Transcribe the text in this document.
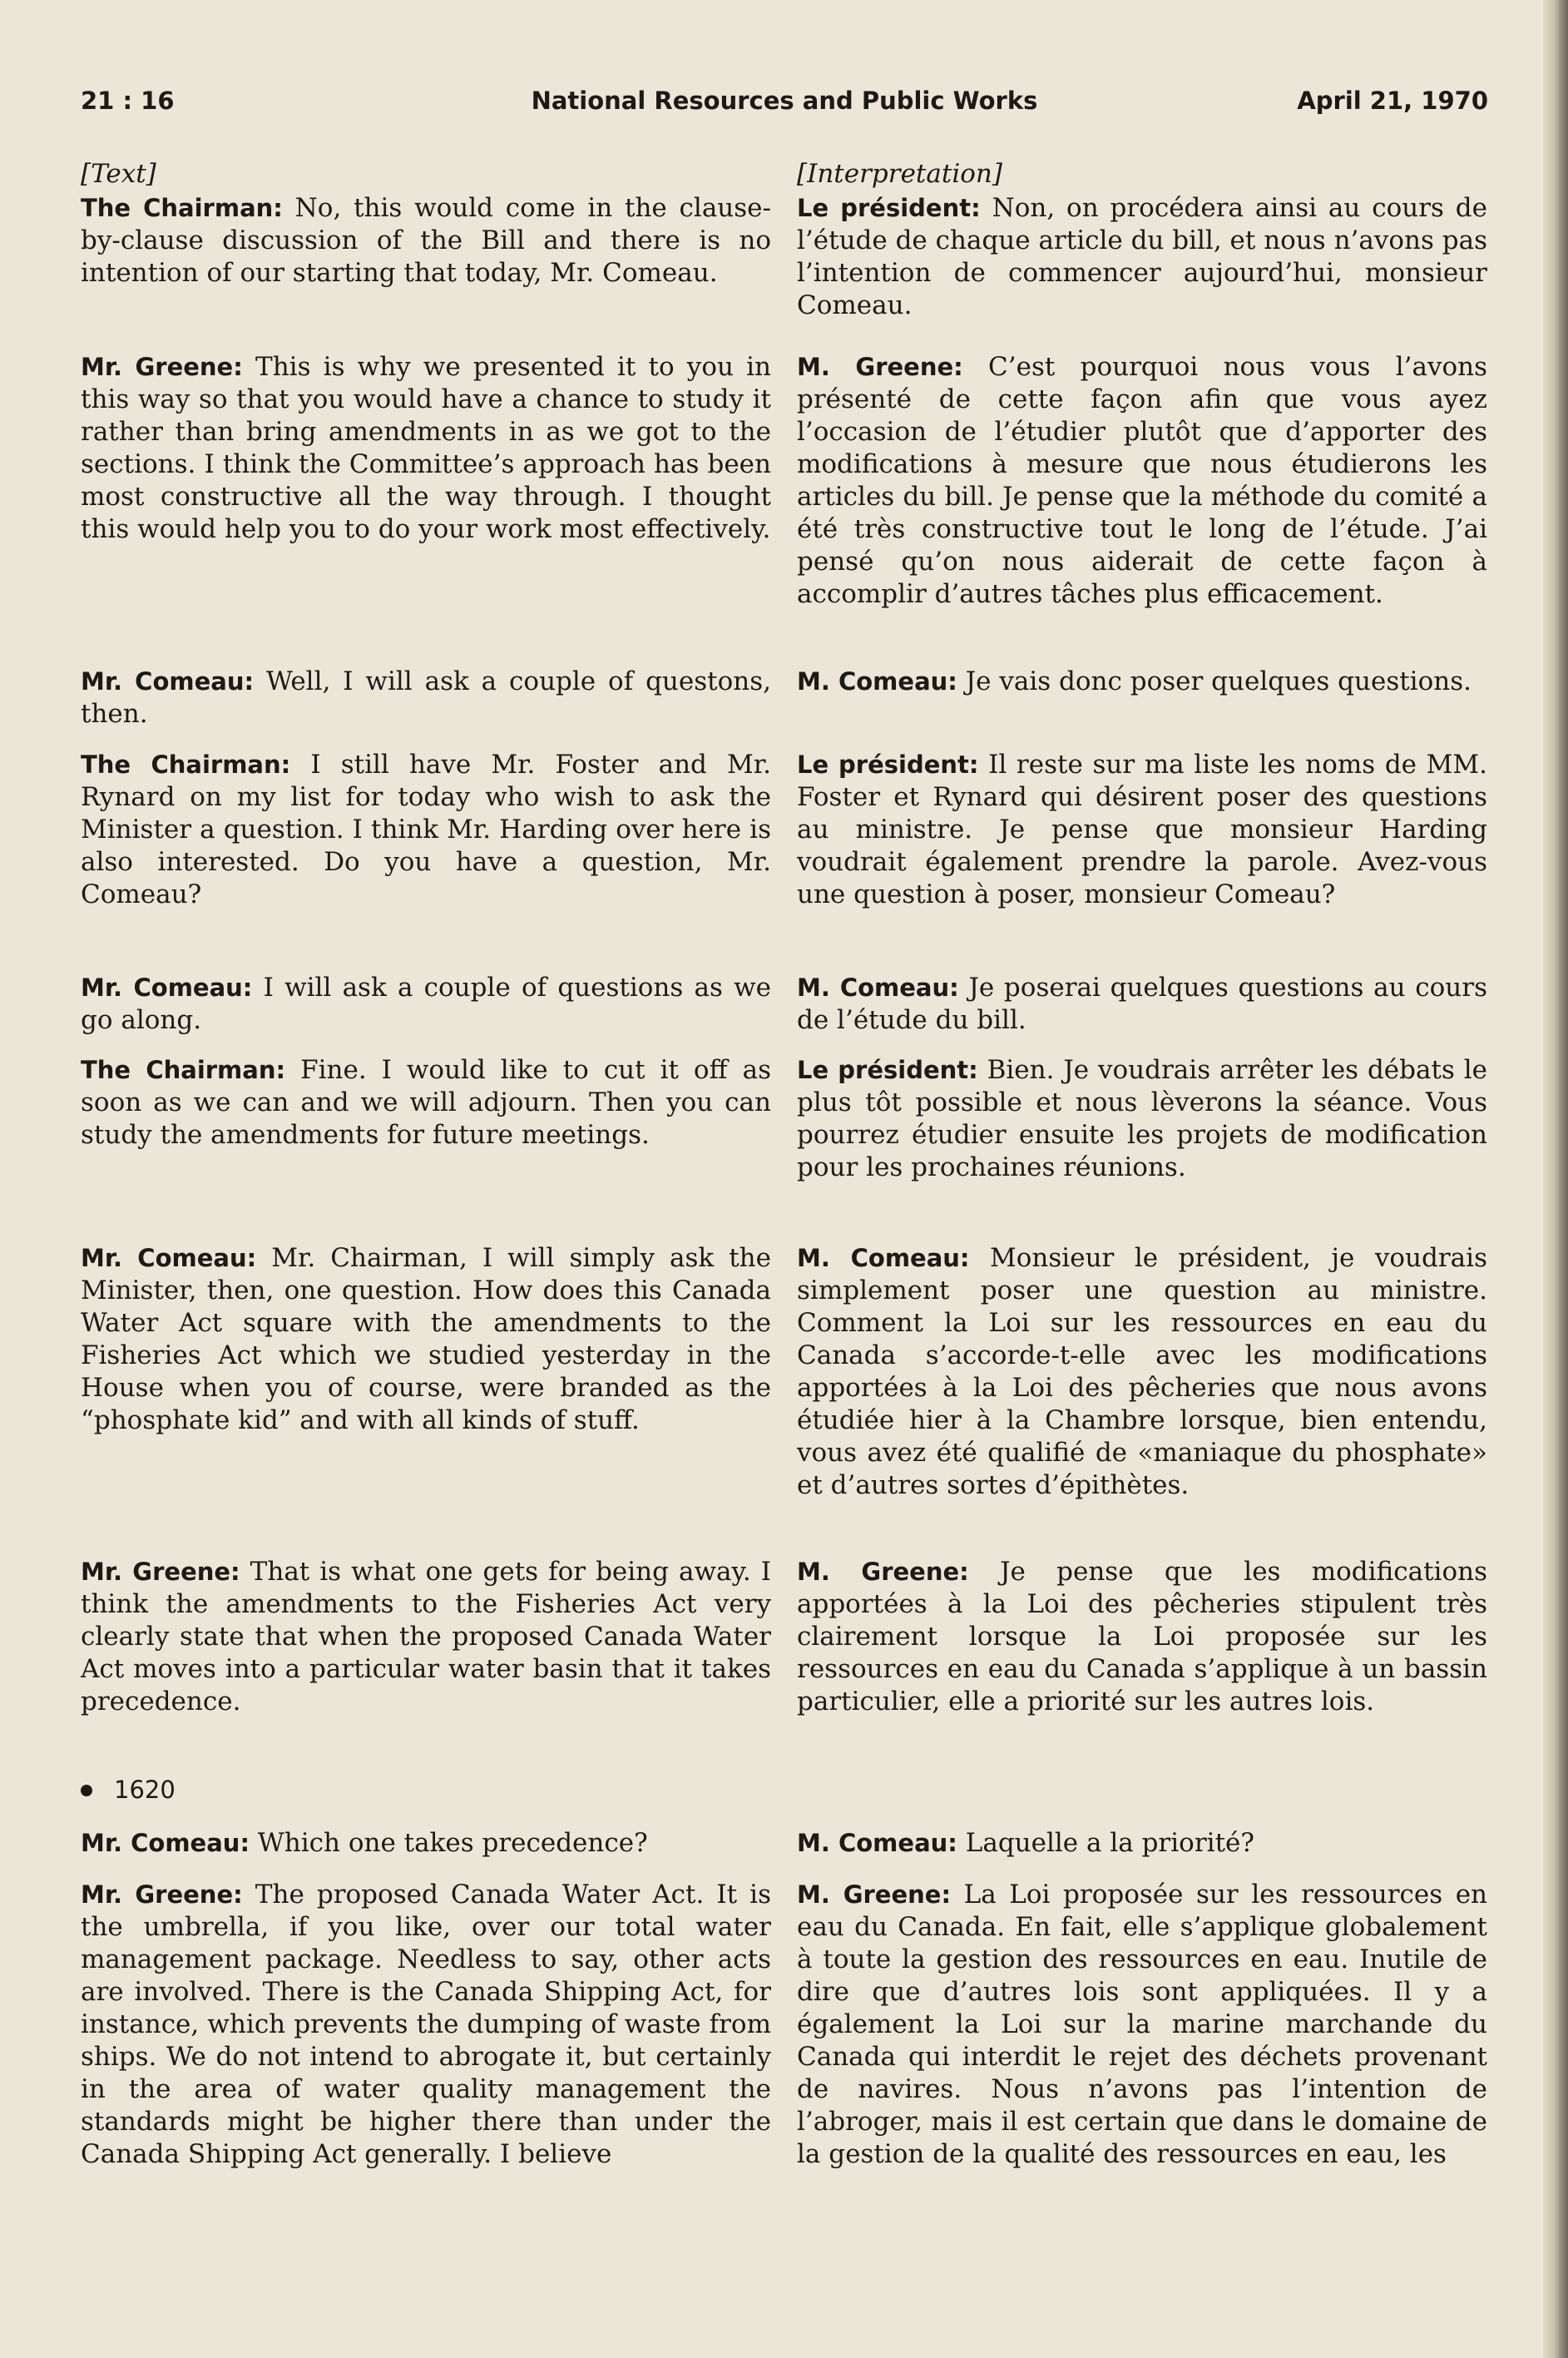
21 : 16	National Resources and Public Works	April 21, 1970

[Text]

The Chairman: No, this would come in the clause-by-clause discussion of the Bill and there is no intention of our starting that today, Mr. Comeau.

Mr. Greene: This is why we presented it to you in this way so that you would have a chance to study it rather than bring amendments in as we got to the sections. I think the Committee’s approach has been most constructive all the way through. I thought this would help you to do your work most effectively.

Mr. Comeau: Well, I will ask a couple of questons, then.

The Chairman: I still have Mr. Foster and Mr. Rynard on my list for today who wish to ask the Minister a question. I think Mr. Harding over here is also interested. Do you have a question, Mr. Comeau?

Mr. Comeau: I will ask a couple of questions as we go along.

The Chairman: Fine. I would like to cut it off as soon as we can and we will adjourn. Then you can study the amendments for future meetings.

Mr. Comeau: Mr. Chairman, I will simply ask the Minister, then, one question. How does this Canada Water Act square with the amendments to the Fisheries Act which we studied yesterday in the House when you of course, were branded as the “phosphate kid” and with all kinds of stuff.

Mr. Greene: That is what one gets for being away. I think the amendments to the Fisheries Act very clearly state that when the proposed Canada Water Act moves into a particular water basin that it takes precedence.

1620

Mr. Comeau: Which one takes precedence?

Mr. Greene: The proposed Canada Water Act. It is the umbrella, if you like, over our total water management package. Needless to say, other acts are involved. There is the Canada Shipping Act, for instance, which prevents the dumping of waste from ships. We do not intend to abrogate it, but certainly in the area of water quality management the standards might be higher there than under the Canada Shipping Act generally. I believe

[Interpretation]

Le président: Non, on procédera ainsi au cours de l’étude de chaque article du bill, et nous n’avons pas l’intention de commencer aujourd’hui, monsieur Comeau.

M. Greene: C’est pourquoi nous vous l’avons présenté de cette façon afin que vous ayez l’occasion de l’étudier plutôt que d’apporter des modifications à mesure que nous étudierons les articles du bill. Je pense que la méthode du comité a été très constructive tout le long de l’étude. J’ai pensé qu’on nous aiderait de cette façon à accomplir d’autres tâches plus efficacement.

M. Comeau: Je vais donc poser quelques questions.

Le président: Il reste sur ma liste les noms de MM. Foster et Rynard qui désirent poser des questions au ministre. Je pense que monsieur Harding voudrait également prendre la parole. Avez-vous une question à poser, monsieur Comeau?

M. Comeau: Je poserai quelques questions au cours de l’étude du bill.

Le président: Bien. Je voudrais arrêter les débats le plus tôt possible et nous lèverons la séance. Vous pourrez étudier ensuite les projets de modification pour les prochaines réunions.

M. Comeau: Monsieur le président, je voudrais simplement poser une question au ministre. Comment la Loi sur les ressources en eau du Canada s’accorde-t-elle avec les modifications apportées à la Loi des pêcheries que nous avons étudiée hier à la Chambre lorsque, bien entendu, vous avez été qualifié de «maniaque du phosphate» et d’autres sortes d’épithètes.

M. Greene: Je pense que les modifications apportées à la Loi des pêcheries stipulent très clairement lorsque la Loi proposée sur les ressources en eau du Canada s’applique à un bassin particulier, elle a priorité sur les autres lois.

M. Comeau: Laquelle a la priorité?

M. Greene: La Loi proposée sur les ressources en eau du Canada. En fait, elle s’applique globalement à toute la gestion des ressources en eau. Inutile de dire que d’autres lois sont appliquées. Il y a également la Loi sur la marine marchande du Canada qui interdit le rejet des déchets provenant de navires. Nous n’avons pas l’intention de l’abroger, mais il est certain que dans le domaine de la gestion de la qualité des ressources en eau, les
